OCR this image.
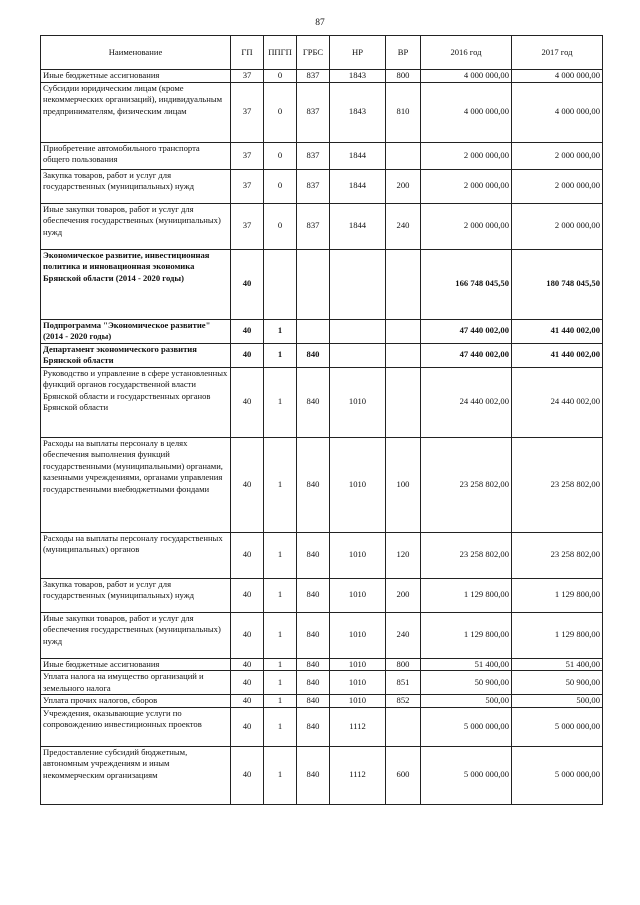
87
Наименование	ГП	ППГП	ГРБС	НР	ВР	2016 год	2017 год
Иные бюджетные ассигнования	37	0	837	1843	800	4 000 000,00	4 000 000,00
Субсидии юридическим лицам (кроме некоммерческих организаций), индивидуальным предпринимателям, физическим лицам	37	0	837	1843	810	4 000 000,00	4 000 000,00
Приобретение автомобильного транспорта общего пользования	37	0	837	1844		2 000 000,00	2 000 000,00
Закупка товаров, работ и услуг для государственных (муниципальных) нужд	37	0	837	1844	200	2 000 000,00	2 000 000,00
Иные закупки товаров, работ и услуг для обеспечения государственных (муниципальных) нужд	37	0	837	1844	240	2 000 000,00	2 000 000,00
Экономическое развитие, инвестиционная политика и инновационная экономика Брянской области (2014 - 2020 годы)	40					166 748 045,50	180 748 045,50
Подпрограмма "Экономическое развитие" (2014 - 2020 годы)	40	1				47 440 002,00	41 440 002,00
Департамент экономического развития Брянской области	40	1	840			47 440 002,00	41 440 002,00
Руководство и управление в сфере установленных функций органов государственной власти Брянской области и государственных органов Брянской области	40	1	840	1010		24 440 002,00	24 440 002,00
Расходы на выплаты персоналу в целях обеспечения выполнения функций государственными (муниципальными) органами, казенными учреждениями, органами управления государственными внебюджетными фондами	40	1	840	1010	100	23 258 802,00	23 258 802,00
Расходы на выплаты персоналу государственных (муниципальных) органов	40	1	840	1010	120	23 258 802,00	23 258 802,00
Закупка товаров, работ и услуг для государственных (муниципальных) нужд	40	1	840	1010	200	1 129 800,00	1 129 800,00
Иные закупки товаров, работ и услуг для обеспечения государственных (муниципальных) нужд	40	1	840	1010	240	1 129 800,00	1 129 800,00
Иные бюджетные ассигнования	40	1	840	1010	800	51 400,00	51 400,00
Уплата налога на имущество организаций и земельного налога	40	1	840	1010	851	50 900,00	50 900,00
Уплата прочих налогов, сборов	40	1	840	1010	852	500,00	500,00
Учреждения, оказывающие услуги по сопровождению инвестиционных проектов	40	1	840	1112		5 000 000,00	5 000 000,00
Предоставление субсидий бюджетным, автономным учреждениям и иным некоммерческим организациям	40	1	840	1112	600	5 000 000,00	5 000 000,00
